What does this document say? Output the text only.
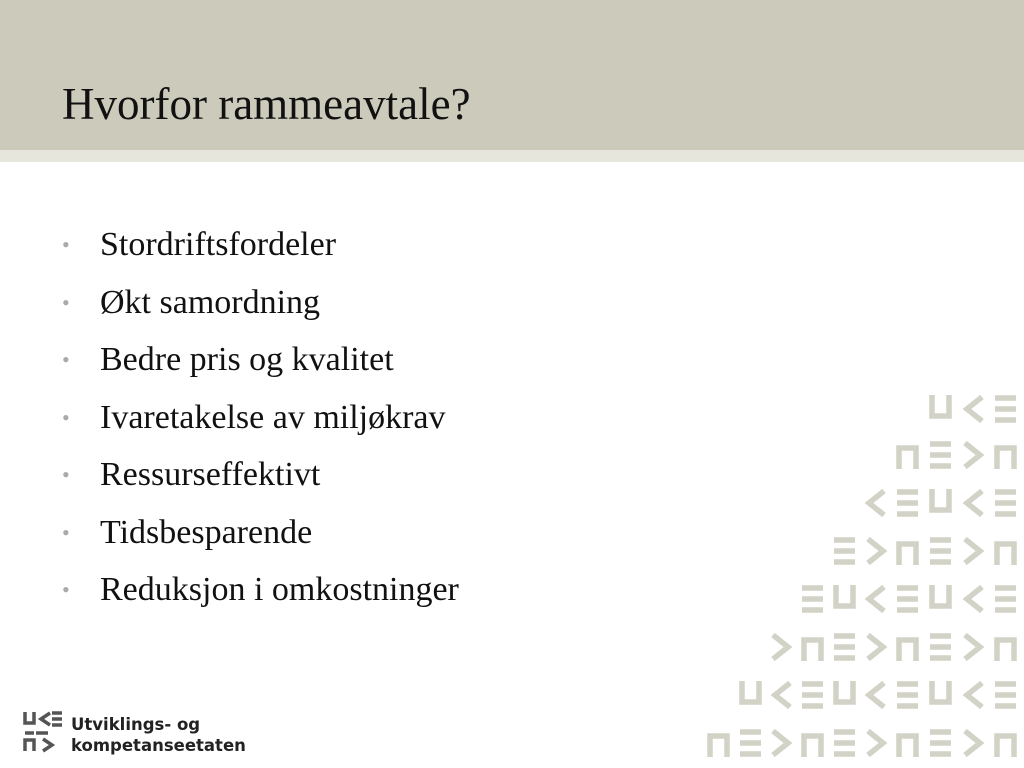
Hvorfor rammeavtale?
• Stordriftsfordeler
• Økt samordning
• Bedre pris og kvalitet
• Ivaretakelse av miljøkrav
• Ressurseffektivt
• Tidsbesparende
• Reduksjon i omkostninger
Utviklings- og
kompetanseetaten
